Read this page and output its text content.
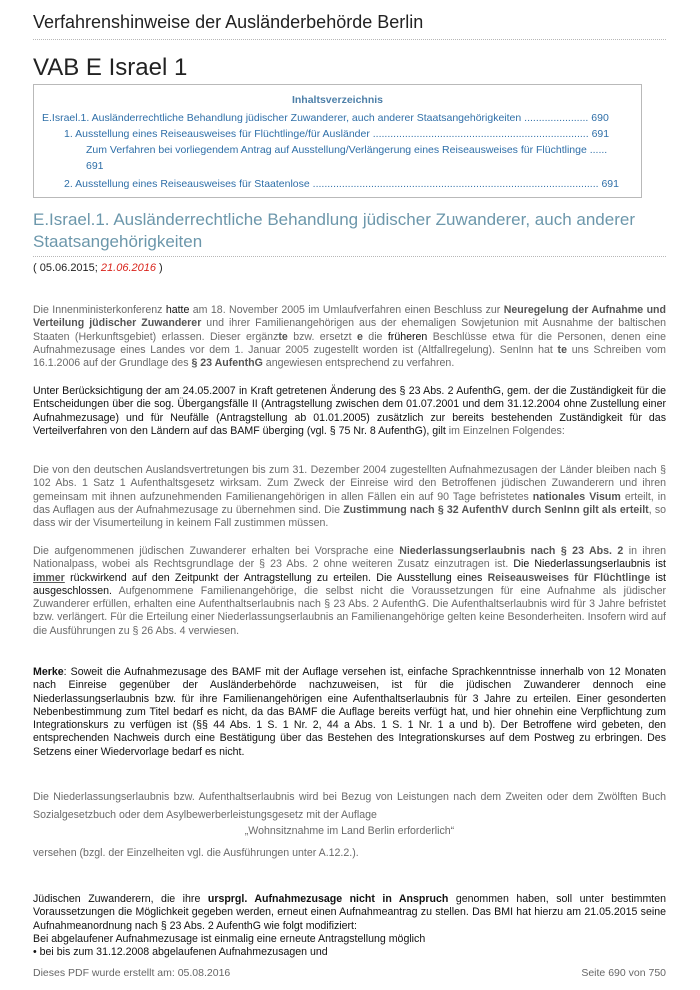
Verfahrenshinweise der Ausländerbehörde Berlin
VAB E Israel 1
Inhaltsverzeichnis
E.Israel.1. Ausländerrechtliche Behandlung jüdischer Zuwanderer, auch anderer Staatsangehörigkeiten ...................... 690
1. Ausstellung eines Reiseausweises für Flüchtlinge/für Ausländer .......................................................................... 691
Zum Verfahren bei vorliegendem Antrag auf Ausstellung/Verlängerung eines Reiseausweises für Flüchtlinge ......
691
2. Ausstellung eines Reiseausweises für Staatenlose .................................................................................................. 691
E.Israel.1. Ausländerrechtliche Behandlung jüdischer Zuwanderer, auch anderer Staatsangehörigkeiten
( 05.06.2015; 21.06.2016 )
Die Innenministerkonferenz hatte am 18. November 2005 im Umlaufverfahren einen Beschluss zur Neuregelung der Aufnahme und Verteilung jüdischer Zuwanderer und ihrer Familienangehörigen aus der ehemaligen Sowjetunion mit Ausnahme der baltischen Staaten (Herkunftsgebiet) erlassen. Dieser ergänzte bzw. ersetzt e die früheren Beschlüsse etwa für die Personen, denen eine Aufnahmezusage eines Landes vor dem 1. Januar 2005 zugestellt worden ist (Altfallregelung). SenInn hat te uns Schreiben vom 16.1.2006 auf der Grundlage des § 23 AufenthG angewiesen entsprechend zu verfahren.
Unter Berücksichtigung der am 24.05.2007 in Kraft getretenen Änderung des § 23 Abs. 2 AufenthG, gem. der die Zuständigkeit für die Entscheidungen über die sog. Übergangsfälle II (Antragstellung zwischen dem 01.07.2001 und dem 31.12.2004 ohne Zustellung einer Aufnahmezusage) und für Neufälle (Antragstellung ab 01.01.2005) zusätzlich zur bereits bestehenden Zuständigkeit für das Verteilverfahren von den Ländern auf das BAMF überging (vgl. § 75 Nr. 8 AufenthG), gilt im Einzelnen Folgendes:
Die von den deutschen Auslandsvertretungen bis zum 31. Dezember 2004 zugestellten Aufnahmezusagen der Länder bleiben nach § 102 Abs. 1 Satz 1 Aufenthaltsgesetz wirksam. Zum Zweck der Einreise wird den Betroffenen jüdischen Zuwanderern und ihren gemeinsam mit ihnen aufzunehmenden Familienangehörigen in allen Fällen ein auf 90 Tage befristetes nationales Visum erteilt, in das Auflagen aus der Aufnahmezusage zu übernehmen sind. Die Zustimmung nach § 32 AufenthV durch SenInn gilt als erteilt, so dass wir der Visumerteilung in keinem Fall zustimmen müssen.
Die aufgenommenen jüdischen Zuwanderer erhalten bei Vorsprache eine Niederlassungserlaubnis nach § 23 Abs. 2 in ihren Nationalpass, wobei als Rechtsgrundlage der § 23 Abs. 2 ohne weiteren Zusatz einzutragen ist. Die Niederlassungserlaubnis ist immer rückwirkend auf den Zeitpunkt der Antragstellung zu erteilen. Die Ausstellung eines Reiseausweises für Flüchtlinge ist ausgeschlossen. Aufgenommene Familienangehörige, die selbst nicht die Voraussetzungen für eine Aufnahme als jüdischer Zuwanderer erfüllen, erhalten eine Aufenthaltserlaubnis nach § 23 Abs. 2 AufenthG. Die Aufenthaltserlaubnis wird für 3 Jahre befristet bzw. verlängert. Für die Erteilung einer Niederlassungserlaubnis an Familienangehörige gelten keine Besonderheiten. Insofern wird auf die Ausführungen zu § 26 Abs. 4 verwiesen.
Merke: Soweit die Aufnahmezusage des BAMF mit der Auflage versehen ist, einfache Sprachkenntnisse innerhalb von 12 Monaten nach Einreise gegenüber der Ausländerbehörde nachzuweisen, ist für die jüdischen Zuwanderer dennoch eine Niederlassungserlaubnis bzw. für ihre Familienangehörigen eine Aufenthaltserlaubnis für 3 Jahre zu erteilen. Einer gesonderten Nebenbestimmung zum Titel bedarf es nicht, da das BAMF die Auflage bereits verfügt hat, und hier ohnehin eine Verpflichtung zum Integrationskurs zu verfügen ist (§§ 44 Abs. 1 S. 1 Nr. 2, 44 a Abs. 1 S. 1 Nr. 1 a und b). Der Betroffene wird gebeten, den entsprechenden Nachweis durch eine Bestätigung über das Bestehen des Integrationskurses auf dem Postweg zu erbringen. Des Setzens einer Wiedervorlage bedarf es nicht.
Die Niederlassungserlaubnis bzw. Aufenthaltserlaubnis wird bei Bezug von Leistungen nach dem Zweiten oder dem Zwölften Buch Sozialgesetzbuch oder dem Asylbewerberleistungsgesetz mit der Auflage
„Wohnsitznahme im Land Berlin erforderlich“
versehen (bzgl. der Einzelheiten vgl. die Ausführungen unter A.12.2.).
Jüdischen Zuwanderern, die ihre ursprgl. Aufnahmezusage nicht in Anspruch genommen haben, soll unter bestimmten Voraussetzungen die Möglichkeit gegeben werden, erneut einen Aufnahmeantrag zu stellen. Das BMI hat hierzu am 21.05.2015 seine Aufnahmeanordnung nach § 23 Abs. 2 AufenthG wie folgt modifiziert:
Bei abgelaufener Aufnahmezusage ist einmalig eine erneute Antragstellung möglich
• bei bis zum 31.12.2008 abgelaufenen Aufnahmezusagen und
Dieses PDF wurde erstellt am: 05.08.2016	Seite 690 von 750
